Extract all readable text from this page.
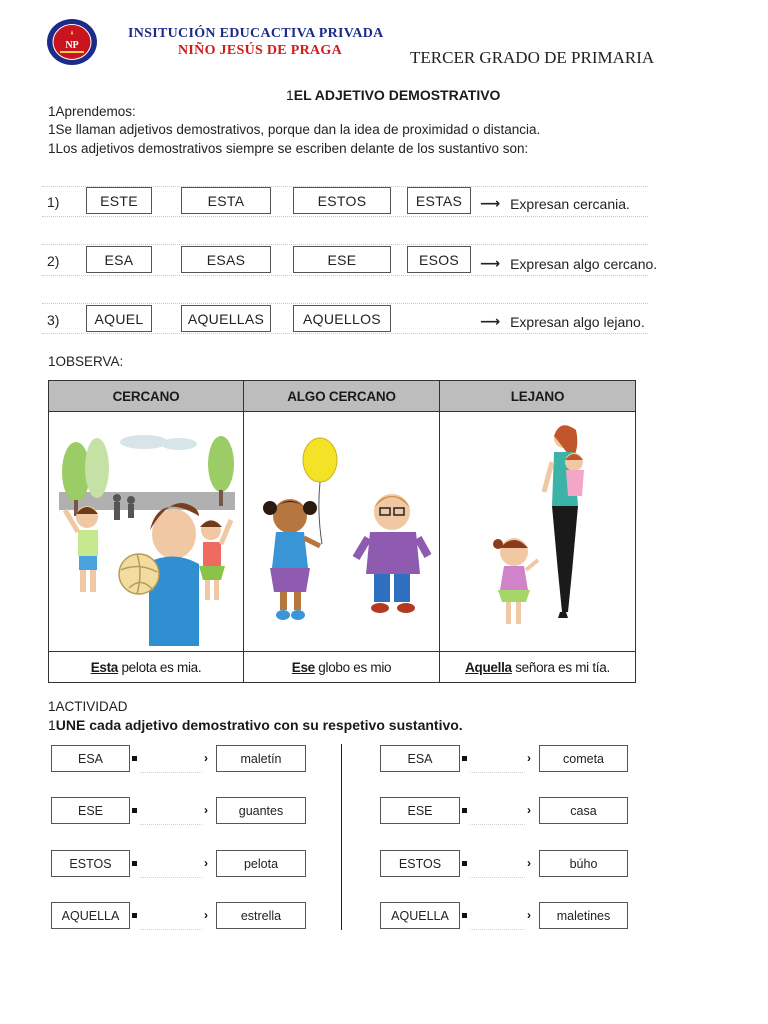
NP
INSITUCIÓN EDUCACTIVA PRIVADA
NIÑO JESÚS DE PRAGA	TERCER GRADO DE PRIMARIA
1EL ADJETIVO DEMOSTRATIVO
1Aprendemos:
1Se llaman adjetivos demostrativos, porque dan la idea de proximidad o distancia.
1Los adjetivos demostrativos siempre se escriben delante de los sustantivo son:
1)	ESTE	ESTA	ESTOS	ESTAS	⟶ Expresan cercania.
2)	ESA	ESAS	ESE	ESOS	⟶ Expresan algo cercano.
3)	AQUEL	AQUELLAS	AQUELLOS	⟶ Expresan algo lejano.
1OBSERVA:
CERCANO	ALGO CERCANO	LEJANO

Esta pelota es mia.	Ese globo es mio	Aquella señora es mi tía.
1ACTIVIDAD
1UNE cada adjetivo demostrativo con su respetivo sustantivo.
ESA	›	maletín
ESE	›	guantes
ESTOS	›	pelota
AQUELLA	›	estrella
ESA	›	cometa
ESE	›	casa
ESTOS	›	búho
AQUELLA	›	maletines
